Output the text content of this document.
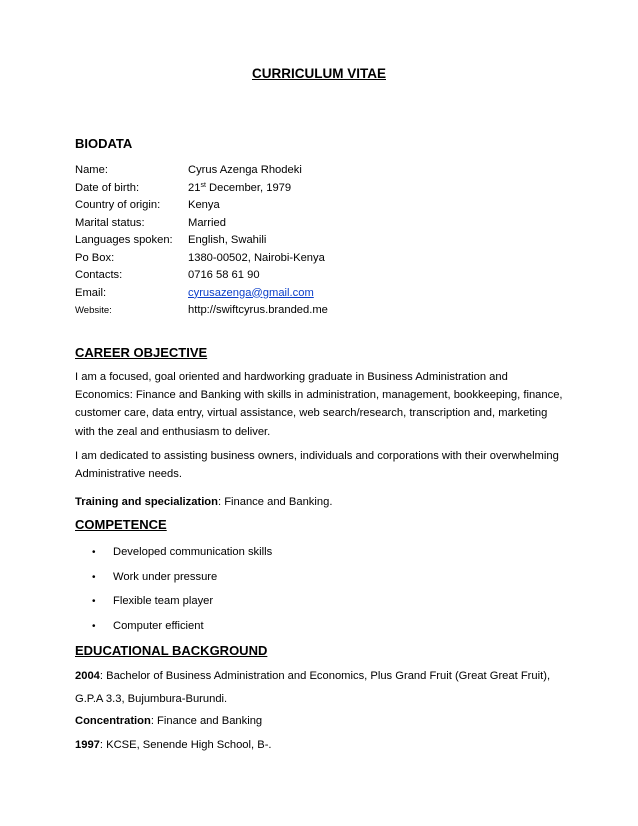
CURRICULUM VITAE
BIODATA
Name:	Cyrus Azenga Rhodeki
Date of birth:	21st December, 1979
Country of origin: Kenya
Marital status:	Married
Languages spoken: English, Swahili
Po Box:	1380-00502, Nairobi-Kenya
Contacts:	0716 58 61 90
Email:	cyrusazenga@gmail.com
Website:	http://swiftcyrus.branded.me
CAREER OBJECTIVE
I am a focused, goal oriented and hardworking graduate in Business Administration and Economics: Finance and Banking with skills in administration, management, bookkeeping, finance, customer care, data entry, virtual assistance, web search/research, transcription and, marketing with the zeal and enthusiasm to deliver.
I am dedicated to assisting business owners, individuals and corporations with their overwhelming Administrative needs.
Training and specialization: Finance and Banking.
COMPETENCE
• Developed communication skills
• Work under pressure
• Flexible team player
• Computer efficient
EDUCATIONAL BACKGROUND
2004: Bachelor of Business Administration and Economics, Plus Grand Fruit (Great Great Fruit),
G.P.A 3.3, Bujumbura-Burundi.
Concentration: Finance and Banking
1997: KCSE, Senende High School, B-.
